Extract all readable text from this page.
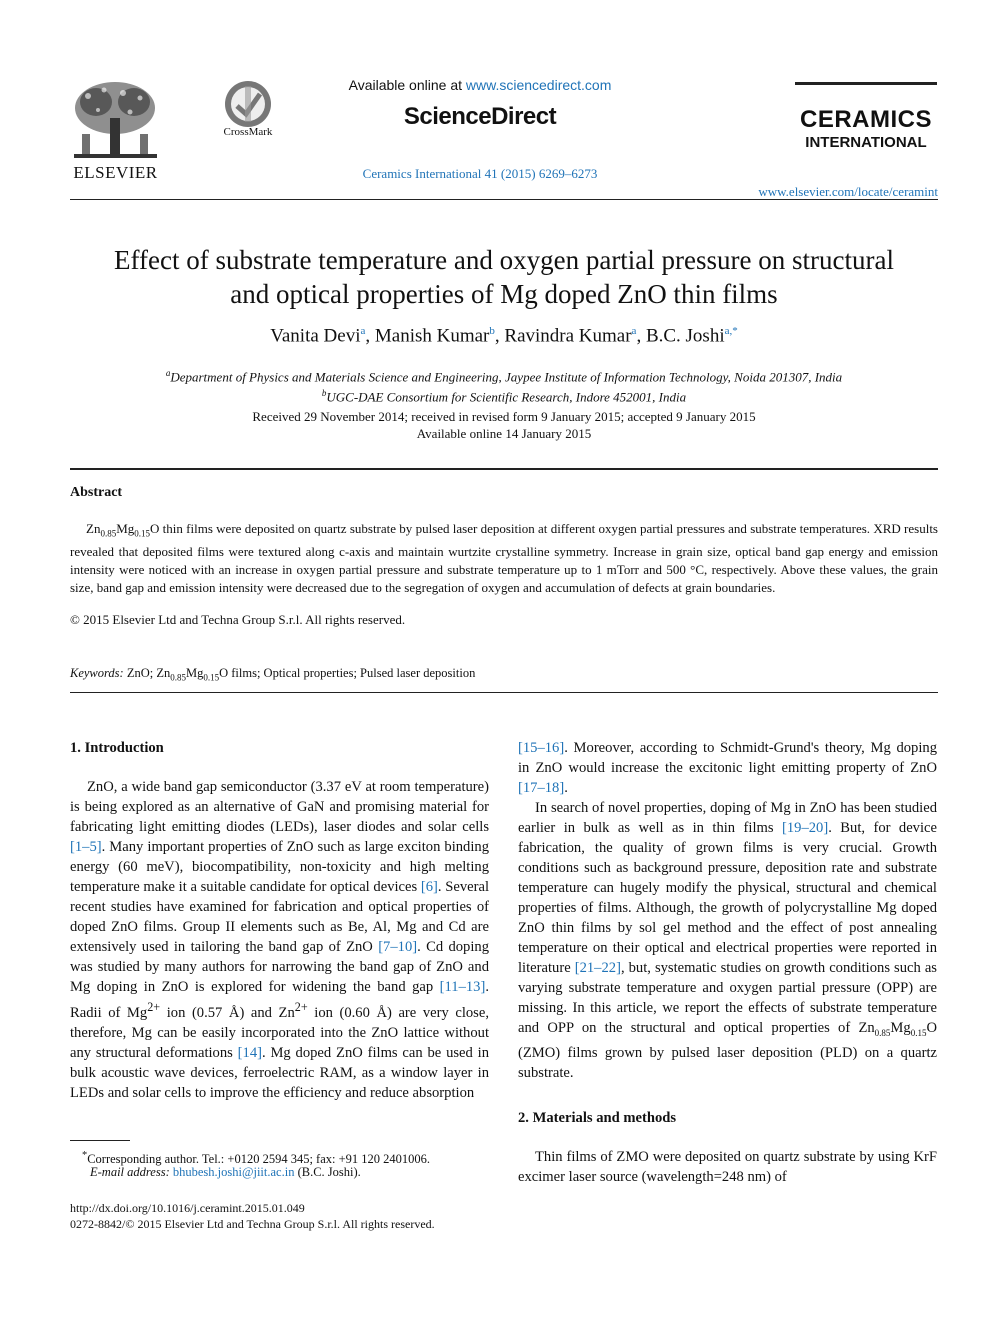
ELSEVIER
CrossMark
Available online at www.sciencedirect.com
ScienceDirect
Ceramics International 41 (2015) 6269–6273
CERAMICS
INTERNATIONAL
www.elsevier.com/locate/ceramint
Effect of substrate temperature and oxygen partial pressure on structural
and optical properties of Mg doped ZnO thin films
Vanita Devi$^a$, Manish Kumar$^b$, Ravindra Kumar$^a$, B.C. Joshi$^{a,*}$
$^a$Department of Physics and Materials Science and Engineering, Jaypee Institute of Information Technology, Noida 201307, India
$^b$UGC-DAE Consortium for Scientific Research, Indore 452001, India
Received 29 November 2014; received in revised form 9 January 2015; accepted 9 January 2015
Available online 14 January 2015
Abstract
$Zn_{0.85}Mg_{0.15}O$ thin films were deposited on quartz substrate by pulsed laser deposition at different oxygen partial pressures and substrate temperatures. XRD results revealed that deposited films were textured along c-axis and maintain wurtzite crystalline symmetry. Increase in grain size, optical band gap energy and emission intensity were noticed with an increase in oxygen partial pressure and substrate temperature up to 1 mTorr and 500 °C, respectively. Above these values, the grain size, band gap and emission intensity were decreased due to the segregation of oxygen and accumulation of defects at grain boundaries.
© 2015 Elsevier Ltd and Techna Group S.r.l. All rights reserved.
Keywords: ZnO; $Zn_{0.85}Mg_{0.15}O$ films; Optical properties; Pulsed laser deposition
1. Introduction

ZnO, a wide band gap semiconductor (3.37 eV at room temperature) is being explored as an alternative of GaN and promising material for fabricating light emitting diodes (LEDs), laser diodes and solar cells [1–5]. Many important properties of ZnO such as large exciton binding energy (60 meV), biocompatibility, non-toxicity and high melting temperature make it a suitable candidate for optical devices [6]. Several recent studies have examined for fabrication and optical properties of doped ZnO films. Group II elements such as Be, Al, Mg and Cd are extensively used in tailoring the band gap of ZnO [7–10]. Cd doping was studied by many authors for narrowing the band gap of ZnO and Mg doping in ZnO is explored for widening the band gap [11–13]. Radii of $Mg^{2+}$ ion (0.57 Å) and $Zn^{2+}$ ion (0.60 Å) are very close, therefore, Mg can be easily incorporated into the ZnO lattice without any structural deformations [14]. Mg doped ZnO films can be used in bulk acoustic wave devices, ferroelectric RAM, as a window layer in LEDs and solar cells to improve the efficiency and reduce absorption

[15–16]. Moreover, according to Schmidt-Grund's theory, Mg doping in ZnO would increase the excitonic light emitting property of ZnO [17–18].

In search of novel properties, doping of Mg in ZnO has been studied earlier in bulk as well as in thin films [19–20]. But, for device fabrication, the quality of grown films is very crucial. Growth conditions such as background pressure, deposition rate and substrate temperature can hugely modify the physical, structural and chemical properties of films. Although, the growth of polycrystalline Mg doped ZnO thin films by sol gel method and the effect of post annealing temperature on their optical and electrical properties were reported in literature [21–22], but, systematic studies on growth conditions such as varying substrate temperature and oxygen partial pressure (OPP) are missing. In this article, we report the effects of substrate temperature and OPP on the structural and optical properties of $Zn_{0.85}Mg_{0.15}O$ (ZMO) films grown by pulsed laser deposition (PLD) on a quartz substrate.

2. Materials and methods

Thin films of ZMO were deposited on quartz substrate by using KrF excimer laser source (wavelength=248 nm) of

*Corresponding author. Tel.: +0120 2594 345; fax: +91 120 2401006.
E-mail address: bhubesh.joshi@jiit.ac.in (B.C. Joshi).
http://dx.doi.org/10.1016/j.ceramint.2015.01.049
0272-8842/© 2015 Elsevier Ltd and Techna Group S.r.l. All rights reserved.
